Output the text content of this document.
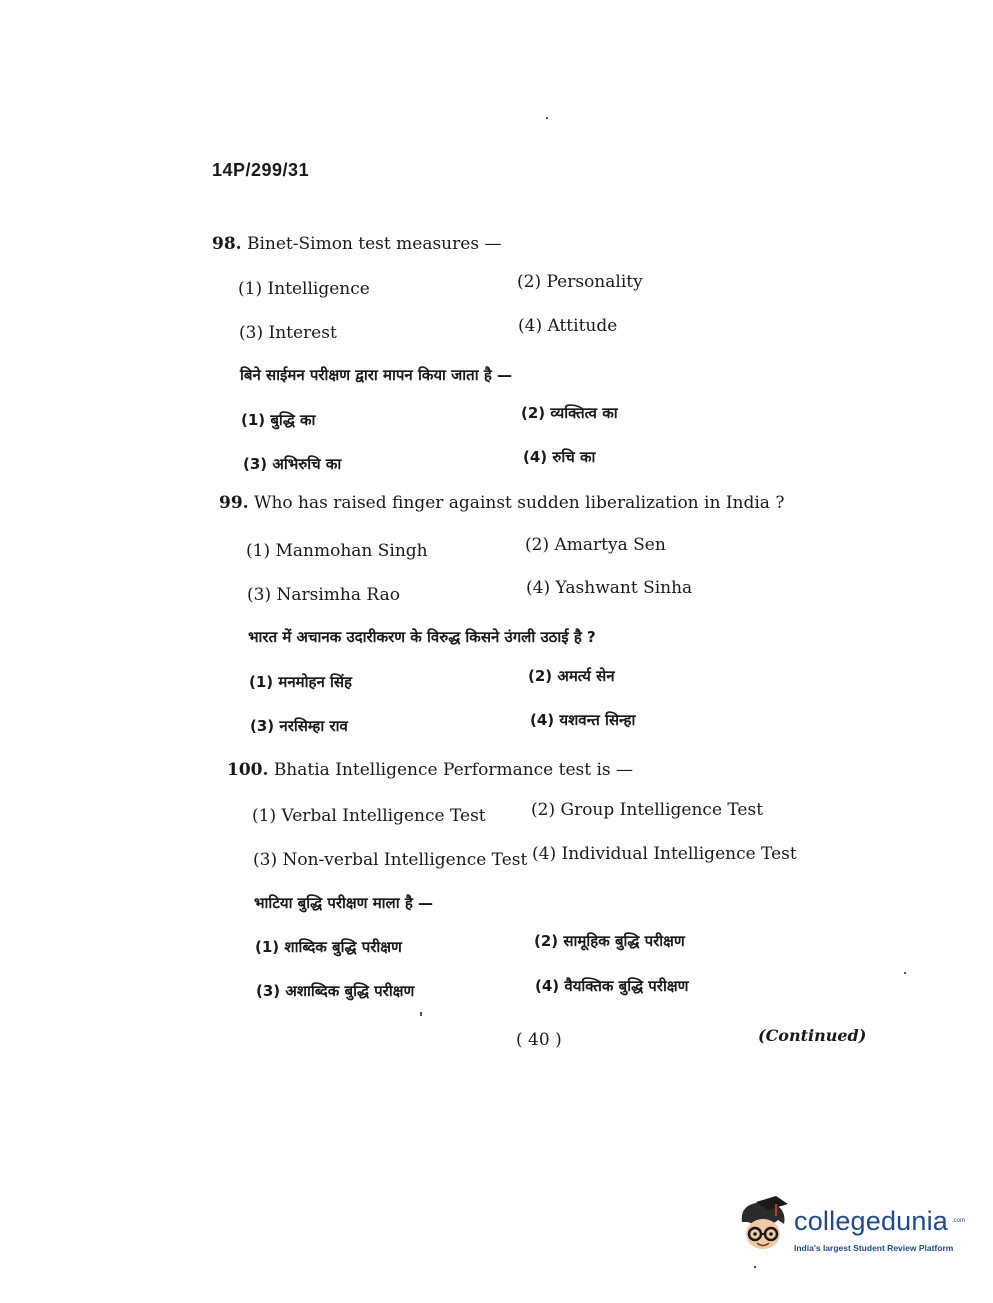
14P/299/31
98. Binet-Simon test measures —
(1) Intelligence	(2) Personality
(3) Interest	(4) Attitude
बिने साईमन परीक्षण द्वारा मापन किया जाता है —
(1) बुद्धि का	(2) व्यक्तित्व का
(3) अभिरुचि का	(4) रुचि का
99. Who has raised finger against sudden liberalization in India ?
(1) Manmohan Singh	(2) Amartya Sen
(3) Narsimha Rao	(4) Yashwant Sinha
भारत में अचानक उदारीकरण के विरुद्ध किसने उंगली उठाई है ?
(1) मनमोहन सिंह	(2) अमर्त्य सेन
(3) नरसिम्हा राव	(4) यशवन्त सिन्हा
100. Bhatia Intelligence Performance test is —
(1) Verbal Intelligence Test	(2) Group Intelligence Test
(3) Non-verbal Intelligence Test (4) Individual Intelligence Test
भाटिया बुद्धि परीक्षण माला है —
(1) शाब्दिक बुद्धि परीक्षण	(2) सामूहिक बुद्धि परीक्षण
(3) अशाब्दिक बुद्धि परीक्षण	(4) वैयक्तिक बुद्धि परीक्षण
( 40 )	(Continued)
collegedunia .com
India's largest Student Review Platform
